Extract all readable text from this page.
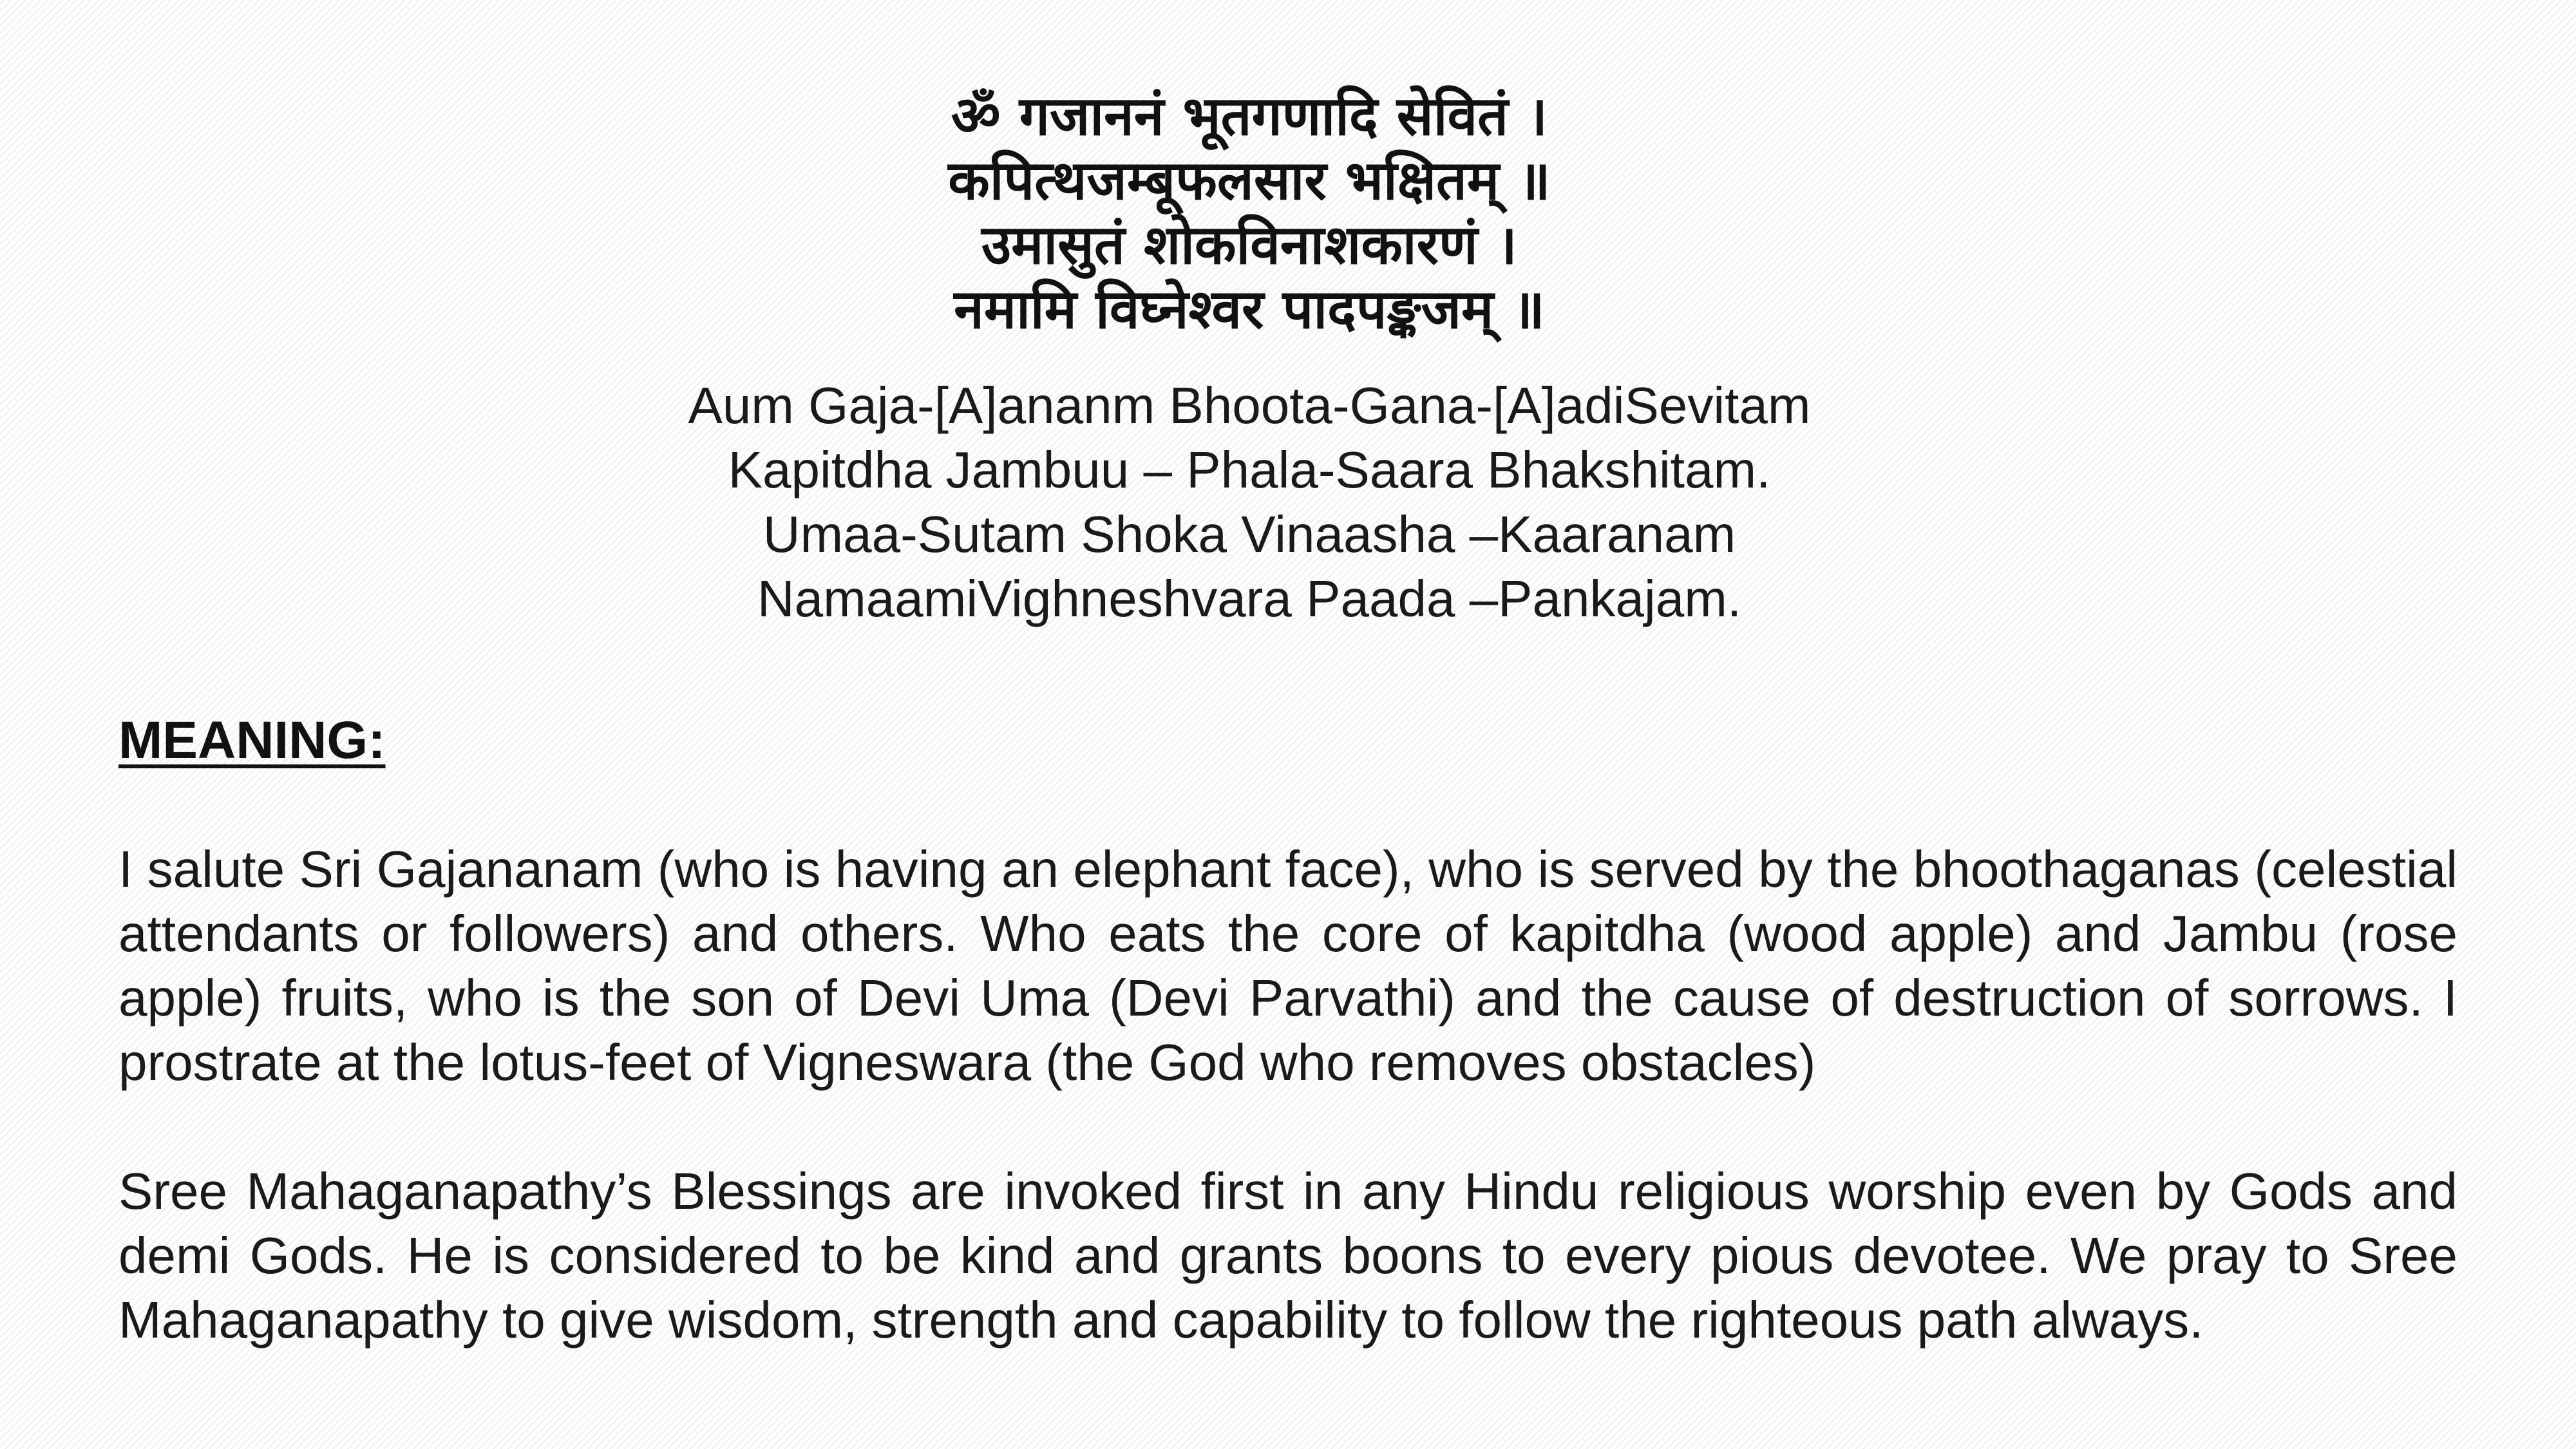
ॐ गजाननं भूतगणादि सेवितं ।
कपित्थजम्बूफलसार भक्षितम् ॥
उमासुतं शोकविनाशकारणं ।
नमामि विघ्नेश्वर पादपङ्कजम् ॥
Aum Gaja-[A]ananm Bhoota-Gana-[A]adiSevitam
Kapitdha Jambuu – Phala-Saara Bhakshitam.
Umaa-Sutam Shoka Vinaasha –Kaaranam
NamaamiVighneshvara Paada –Pankajam.
MEANING:
I salute Sri Gajananam (who is having an elephant face), who is served by the bhoothaganas (celestial attendants or followers) and others. Who eats the core of kapitdha (wood apple) and Jambu (rose apple) fruits, who is the son of Devi Uma (Devi Parvathi) and the cause of destruction of sorrows. I prostrate at the lotus-feet of Vigneswara (the God who removes obstacles)
Sree Mahaganapathy’s Blessings are invoked first in any Hindu religious worship even by Gods and demi Gods. He is considered to be kind and grants boons to every pious devotee. We pray to Sree Mahaganapathy to give wisdom, strength and capability to follow the righteous path always.
